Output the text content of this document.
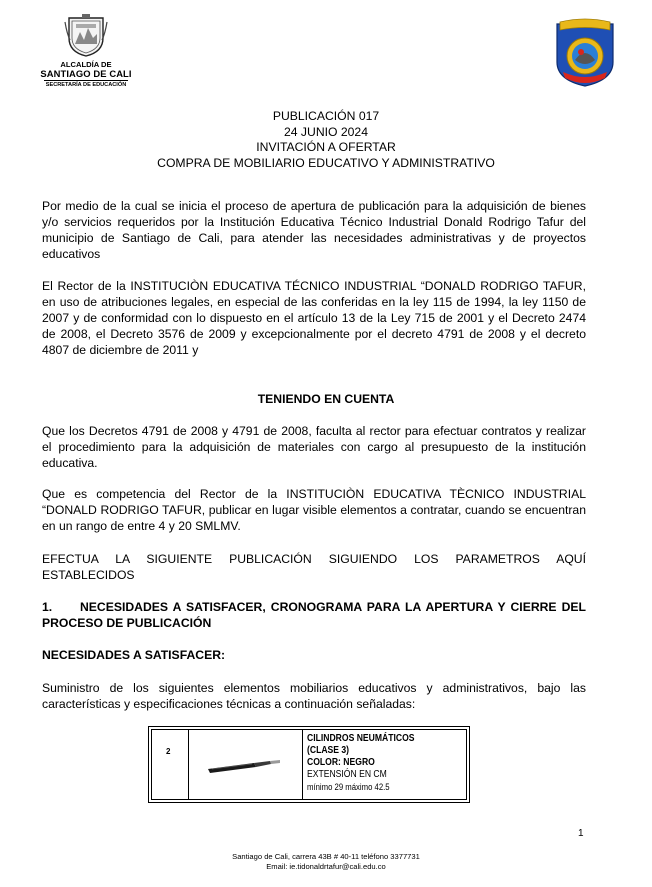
ALCALDÍA DE
SANTIAGO DE CALI
SECRETARÍA DE EDUCACIÓN
PUBLICACIÓN 017
24 JUNIO 2024
INVITACIÓN A OFERTAR
COMPRA DE MOBILIARIO EDUCATIVO Y ADMINISTRATIVO
Por medio de la cual se inicia el proceso de apertura de publicación para la adquisición de bienes y/o servicios requeridos por la Institución Educativa Técnico Industrial Donald Rodrigo Tafur del municipio de Santiago de Cali, para atender las necesidades administrativas y de proyectos educativos
El Rector de la INSTITUCIÒN EDUCATIVA TÉCNICO INDUSTRIAL “DONALD RODRIGO TAFUR, en uso de atribuciones legales, en especial de las conferidas en la ley 115 de 1994, la ley 1150 de 2007 y de conformidad con lo dispuesto en el artículo 13 de la Ley 715 de 2001 y el Decreto 2474 de 2008, el Decreto 3576 de 2009 y excepcionalmente por el decreto 4791 de 2008 y el decreto 4807 de diciembre de 2011 y
TENIENDO EN CUENTA
Que los Decretos 4791 de 2008 y 4791 de 2008, faculta al rector para efectuar contratos y realizar el procedimiento para la adquisición de materiales con cargo al presupuesto de la institución educativa.
Que es competencia del Rector de la INSTITUCIÒN EDUCATIVA TÈCNICO INDUSTRIAL “DONALD RODRIGO TAFUR, publicar en lugar visible elementos a contratar, cuando se encuentran en un rango de entre 4 y 20 SMLMV.
EFECTUA LA SIGUIENTE PUBLICACIÓN SIGUIENDO LOS PARAMETROS AQUÍ ESTABLECIDOS
1. NECESIDADES A SATISFACER, CRONOGRAMA PARA LA APERTURA Y CIERRE DEL PROCESO DE PUBLICACIÓN
NECESIDADES A SATISFACER:
Suministro de los siguientes elementos mobiliarios educativos y administrativos, bajo las características y especificaciones técnicas a continuación señaladas:
2
CILINDROS NEUMÁTICOS
(CLASE 3)
COLOR: NEGRO
EXTENSIÓN EN CM
mínimo 29 máximo 42.5
1
Santiago de Cali, carrera 43B # 40-11 teléfono 3377731
Email: ie.tidonaldrtafur@cali.edu.co
